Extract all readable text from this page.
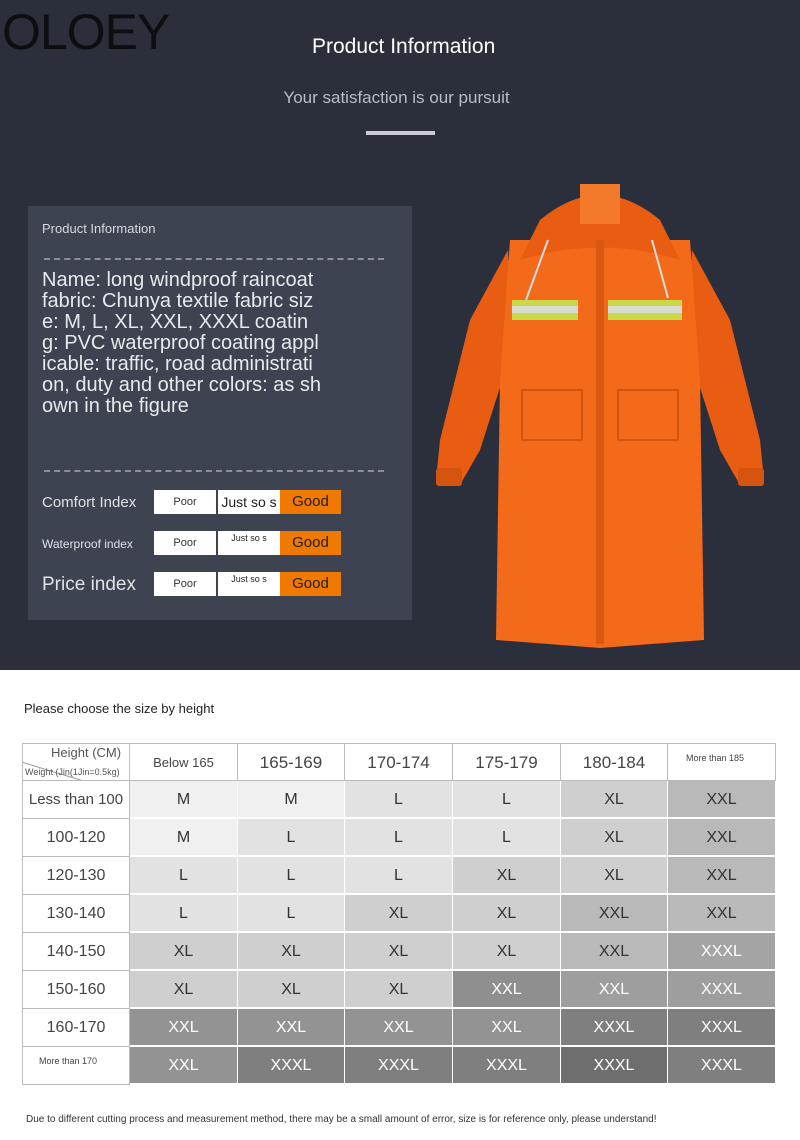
OLOEY	Product Information
Your satisfaction is our pursuit
Product Information
Name: long windproof raincoat fabric: Chunya textile fabric size: M, L, XL, XXL, XXXL coating: PVC waterproof coating applicable: traffic, road administration, duty and other colors: as shown in the figure
Comfort Index	Poor	Just so s	Good
Waterproof index	Poor	Just so s	Good
Price index	Poor	Just so s	Good
Please choose the size by height
Height (CM)
Weight (Jin(1Jin=0.5kg)
Below 165	165-169	170-174	175-179	180-184	More than 185
Less than 100	M	M	L	L	XL	XXL
100-120	M	L	L	L	XL	XXL
120-130	L	L	L	XL	XL	XXL
130-140	L	L	XL	XL	XXL	XXL
140-150	XL	XL	XL	XL	XXL	XXXL
150-160	XL	XL	XL	XXL	XXL	XXXL
160-170	XXL	XXL	XXL	XXL	XXXL	XXXL
More than 170	XXL	XXXL	XXXL	XXXL	XXXL	XXXL
Due to different cutting process and measurement method, there may be a small amount of error, size is for reference only, please understand!
